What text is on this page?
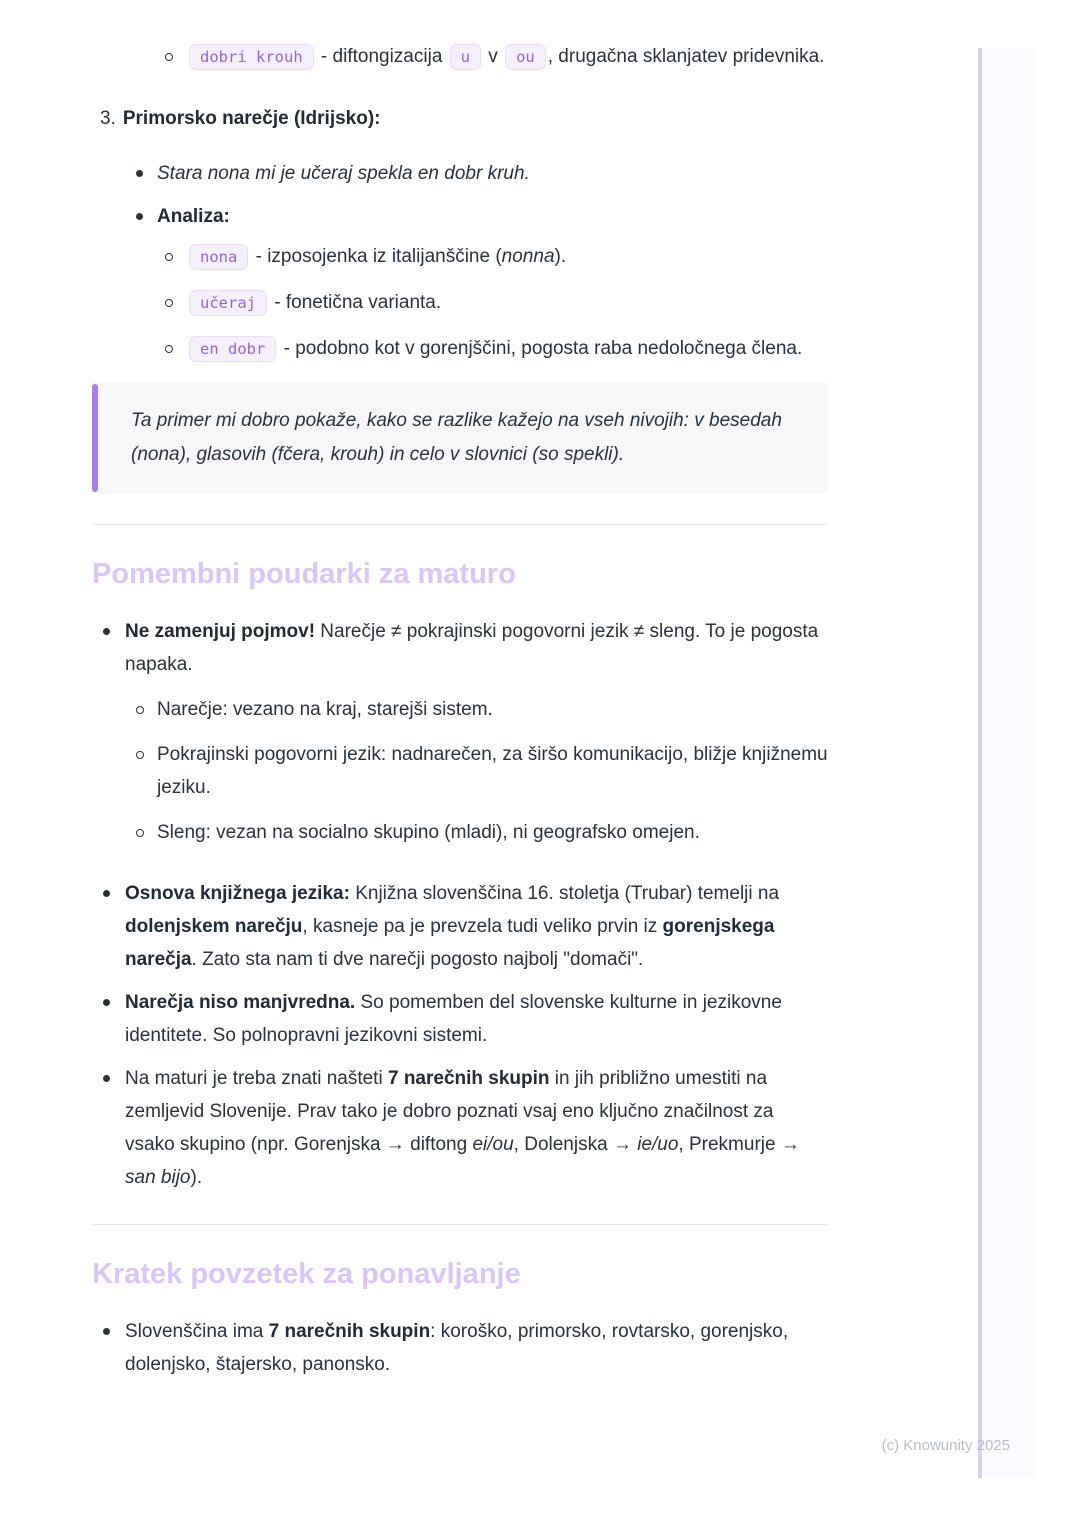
dobri krouh - diftongizacija u v ou , drugačna sklanjatev pridevnika.

3. Primorsko narečje (Idrijsko):

Stara nona mi je učeraj spekla en dobr kruh.

Analiza:

nona - izposojenka iz italijanščine (nonna).

učeraj - fonetična varianta.

en dobr - podobno kot v gorenjščini, pogosta raba nedoločnega člena.

Ta primer mi dobro pokaže, kako se razlike kažejo na vseh nivojih: v besedah (nona), glasovih (fčera, krouh) in celo v slovnici (so spekli).

Pomembni poudarki za maturo

Ne zamenjuj pojmov! Narečje ≠ pokrajinski pogovorni jezik ≠ sleng. To je pogosta napaka.

Narečje: vezano na kraj, starejši sistem.

Pokrajinski pogovorni jezik: nadnarečen, za širšo komunikacijo, bližje knjižnemu jeziku.

Sleng: vezan na socialno skupino (mladi), ni geografsko omejen.

Osnova knjižnega jezika: Knjižna slovenščina 16. stoletja (Trubar) temelji na dolenjskem narečju, kasneje pa je prevzela tudi veliko prvin iz gorenjskega narečja. Zato sta nam ti dve narečji pogosto najbolj "domači".

Narečja niso manjvredna. So pomemben del slovenske kulturne in jezikovne identitete. So polnopravni jezikovni sistemi.

Na maturi je treba znati našteti 7 narečnih skupin in jih približno umestiti na zemljevid Slovenije. Prav tako je dobro poznati vsaj eno ključno značilnost za vsako skupino (npr. Gorenjska → diftong ei/ou, Dolenjska → ie/uo, Prekmurje → san bijo).

Kratek povzetek za ponavljanje

Slovenščina ima 7 narečnih skupin: koroško, primorsko, rovtarsko, gorenjsko, dolenjsko, štajersko, panonsko.

(c) Knowunity 2025
